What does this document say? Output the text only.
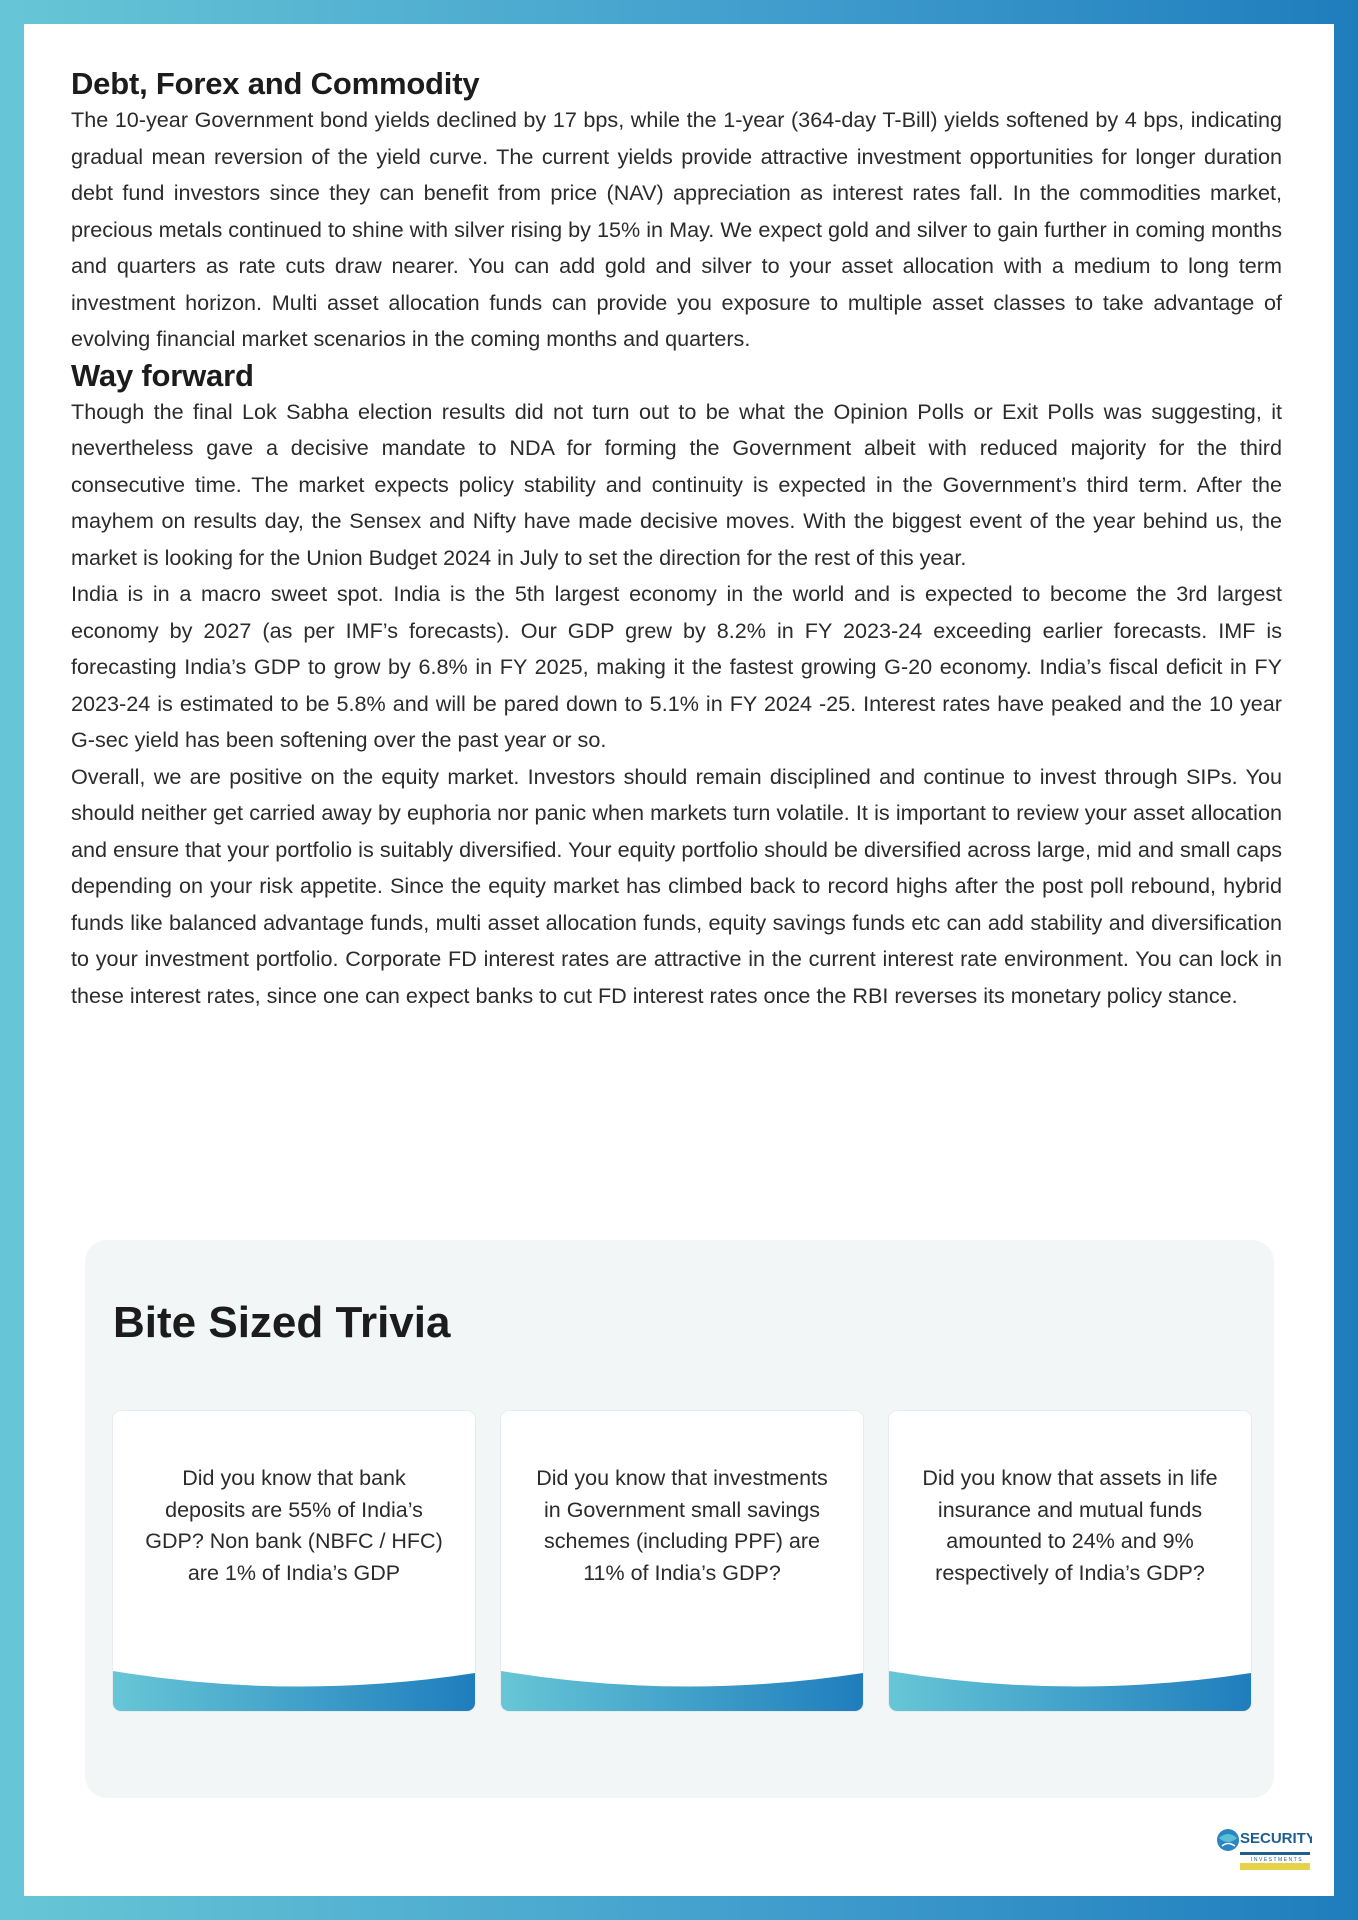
Debt, Forex and Commodity

The 10-year Government bond yields declined by 17 bps, while the 1-year (364-day T-Bill) yields softened by 4 bps, indicating gradual mean reversion of the yield curve. The current yields provide attractive investment opportunities for longer duration debt fund investors since they can benefit from price (NAV) appreciation as interest rates fall. In the commodities market, precious metals continued to shine with silver rising by 15% in May. We expect gold and silver to gain further in coming months and quarters as rate cuts draw nearer. You can add gold and silver to your asset allocation with a medium to long term investment horizon. Multi asset allocation funds can provide you exposure to multiple asset classes to take advantage of evolving financial market scenarios in the coming months and quarters.

Way forward

Though the final Lok Sabha election results did not turn out to be what the Opinion Polls or Exit Polls was suggesting, it nevertheless gave a decisive mandate to NDA for forming the Government albeit with reduced majority for the third consecutive time. The market expects policy stability and continuity is expected in the Government’s third term. After the mayhem on results day, the Sensex and Nifty have made decisive moves. With the biggest event of the year behind us, the market is looking for the Union Budget 2024 in July to set the direction for the rest of this year.

India is in a macro sweet spot. India is the 5th largest economy in the world and is expected to become the 3rd largest economy by 2027 (as per IMF’s forecasts). Our GDP grew by 8.2% in FY 2023-24 exceeding earlier forecasts. IMF is forecasting India’s GDP to grow by 6.8% in FY 2025, making it the fastest growing G-20 economy. India’s fiscal deficit in FY 2023-24 is estimated to be 5.8% and will be pared down to 5.1% in FY 2024 -25. Interest rates have peaked and the 10 year G-sec yield has been softening over the past year or so.

Overall, we are positive on the equity market. Investors should remain disciplined and continue to invest through SIPs. You should neither get carried away by euphoria nor panic when markets turn volatile. It is important to review your asset allocation and ensure that your portfolio is suitably diversified. Your equity portfolio should be diversified across large, mid and small caps depending on your risk appetite. Since the equity market has climbed back to record highs after the post poll rebound, hybrid funds like balanced advantage funds, multi asset allocation funds, equity savings funds etc can add stability and diversification to your investment portfolio. Corporate FD interest rates are attractive in the current interest rate environment. You can lock in these interest rates, since one can expect banks to cut FD interest rates once the RBI reverses its monetary policy stance.

Bite Sized Trivia

Did you know that bank deposits are 55% of India’s GDP? Non bank (NBFC / HFC) are 1% of India’s GDP

Did you know that investments in Government small savings schemes (including PPF) are 11% of India’s GDP?

Did you know that assets in life insurance and mutual funds amounted to 24% and 9% respectively of India’s GDP?

SECURITY
INVESTMENTS
